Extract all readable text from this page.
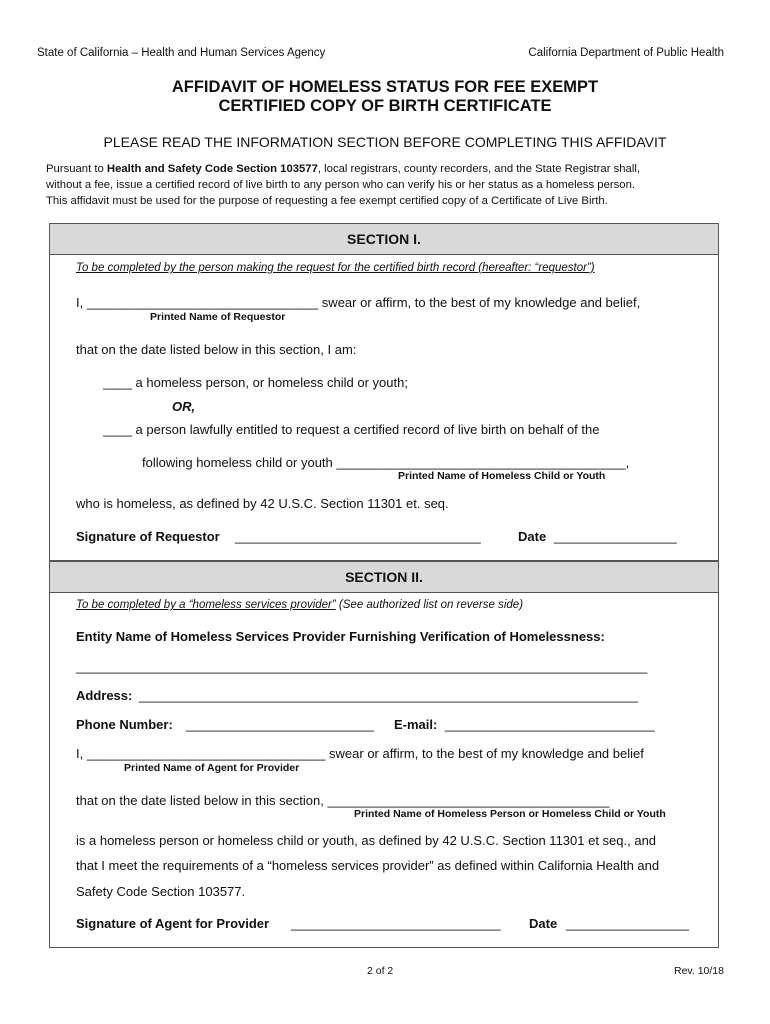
State of California – Health and Human Services Agency	California Department of Public Health
AFFIDAVIT OF HOMELESS STATUS FOR FEE EXEMPT
CERTIFIED COPY OF BIRTH CERTIFICATE
PLEASE READ THE INFORMATION SECTION BEFORE COMPLETING THIS AFFIDAVIT
Pursuant to Health and Safety Code Section 103577, local registrars, county recorders, and the State Registrar shall,
without a fee, issue a certified record of live birth to any person who can verify his or her status as a homeless person.
This affidavit must be used for the purpose of requesting a fee exempt certified copy of a Certificate of Live Birth.
SECTION I.
To be completed by the person making the request for the certified birth record (hereafter: “requestor”)
I, ________________________________ swear or affirm, to the best of my knowledge and belief,
Printed Name of Requestor
that on the date listed below in this section, I am:
____ a homeless person, or homeless child or youth;
OR,
____ a person lawfully entitled to request a certified record of live birth on behalf of the
following homeless child or youth ________________________________________,
Printed Name of Homeless Child or Youth
who is homeless, as defined by 42 U.S.C. Section 11301 et. seq.
Signature of Requestor __________________________________	Date _________________
SECTION II.
To be completed by a “homeless services provider” (See authorized list on reverse side)
Entity Name of Homeless Services Provider Furnishing Verification of Homelessness:
_______________________________________________________________________________
Address: _____________________________________________________________________
Phone Number: __________________________ E-mail: _____________________________
I, _________________________________ swear or affirm, to the best of my knowledge and belief
Printed Name of Agent for Provider
that on the date listed below in this section, _______________________________________
Printed Name of Homeless Person or Homeless Child or Youth
is a homeless person or homeless child or youth, as defined by 42 U.S.C. Section 11301 et seq., and
that I meet the requirements of a “homeless services provider” as defined within California Health and
Safety Code Section 103577.
Signature of Agent for Provider _____________________________ Date _________________
2 of 2	Rev. 10/18
